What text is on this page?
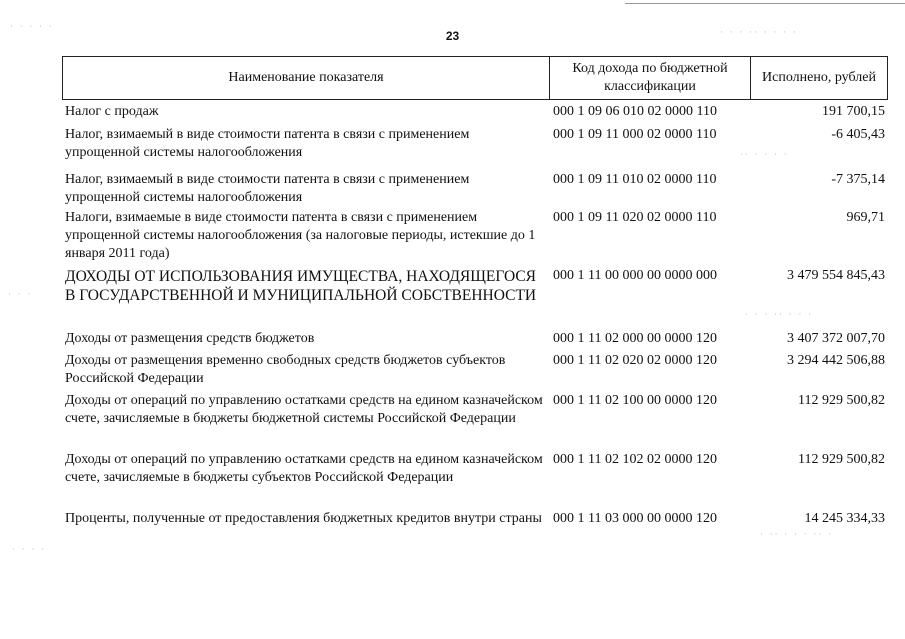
23
· · · · ·
· · · ·· · · · ·
·· · · · ·
· · ·
· · · ·· · · ·
· ·· · · · ·· ·
· · · ·
Наименование показателя
Код дохода по бюджетной классификации
Исполнено, рублей
Налог с продаж	000 1 09 06 010 02 0000 110	191 700,15
Налог, взимаемый в виде стоимости патента в связи с применением упрощенной системы налогообложения
000 1 09 11 000 02 0000 110	-6 405,43
Налог, взимаемый в виде стоимости патента в связи с применением упрощенной системы налогообложения
000 1 09 11 010 02 0000 110	-7 375,14
Налоги, взимаемые в виде стоимости патента в связи с применением упрощенной системы налогообложения (за налоговые периоды, истекшие до 1 января 2011 года)
000 1 09 11 020 02 0000 110	969,71
ДОХОДЫ ОТ ИСПОЛЬЗОВАНИЯ ИМУЩЕСТВА, НАХОДЯЩЕГОСЯ В ГОСУДАРСТВЕННОЙ И МУНИЦИПАЛЬНОЙ СОБСТВЕННОСТИ
000 1 11 00 000 00 0000 000	3 479 554 845,43
Доходы от размещения средств бюджетов	000 1 11 02 000 00 0000 120	3 407 372 007,70
Доходы от размещения временно свободных средств бюджетов субъектов Российской Федерации
000 1 11 02 020 02 0000 120	3 294 442 506,88
Доходы от операций по управлению остатками средств на едином казначейском счете, зачисляемые в бюджеты бюджетной системы Российской Федерации
000 1 11 02 100 00 0000 120	112 929 500,82
Доходы от операций по управлению остатками средств на едином казначейском счете, зачисляемые в бюджеты субъектов Российской Федерации
000 1 11 02 102 02 0000 120	112 929 500,82
Проценты, полученные от предоставления бюджетных кредитов внутри страны 000 1 11 03 000 00 0000 120	14 245 334,33
